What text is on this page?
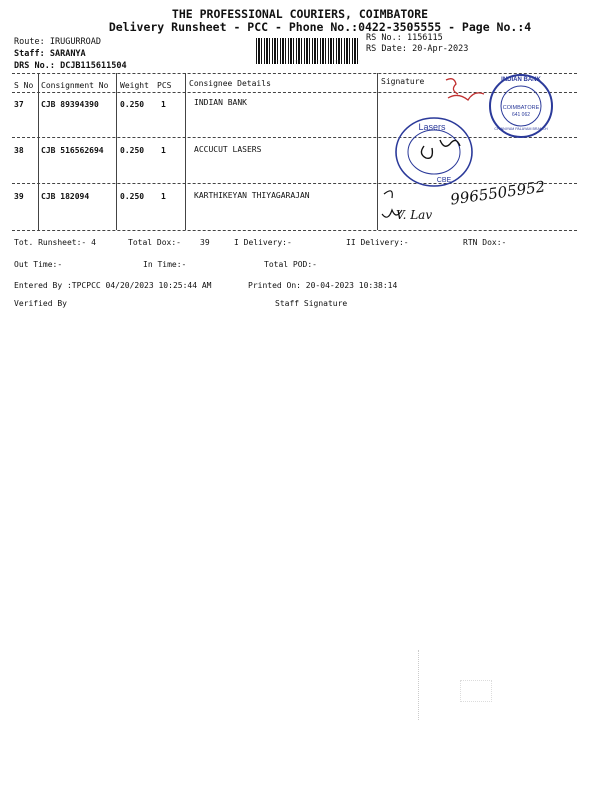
THE PROFESSIONAL COURIERS, COIMBATORE
Delivery Runsheet - PCC - Phone No.:0422-3505555 - Page No.:4
Route: IRUGURROAD
Staff: SARANYA
DRS No.: DCJB115611504
RS No.: 1156115
RS Date: 20-Apr-2023
S No Consignment No Weight PCS Consignee Details	Signature
37 CJB 89394390	0.250 1	INDIAN BANK
38 CJB 516562694 0.250 1	ACCUCUT LASERS
39 CJB 182094	0.250 1	KARTHIKEYAN THIYAGARAJAN
INDIAN BANK
COIMBATORE
641 062
CHINNIYAM PALAYAM BRANCH
Lasers
CBE
V. Lav
9965505952
Tot. Runsheet:- 4	Total Dox:- 39	I Delivery:-	II Delivery:-	RTN Dox:-
Out Time:-	In Time:-	Total POD:-
Entered By :TPCPCC 04/20/2023 10:25:44 AM	Printed On: 20-04-2023 10:38:14
Verified By	Staff Signature
